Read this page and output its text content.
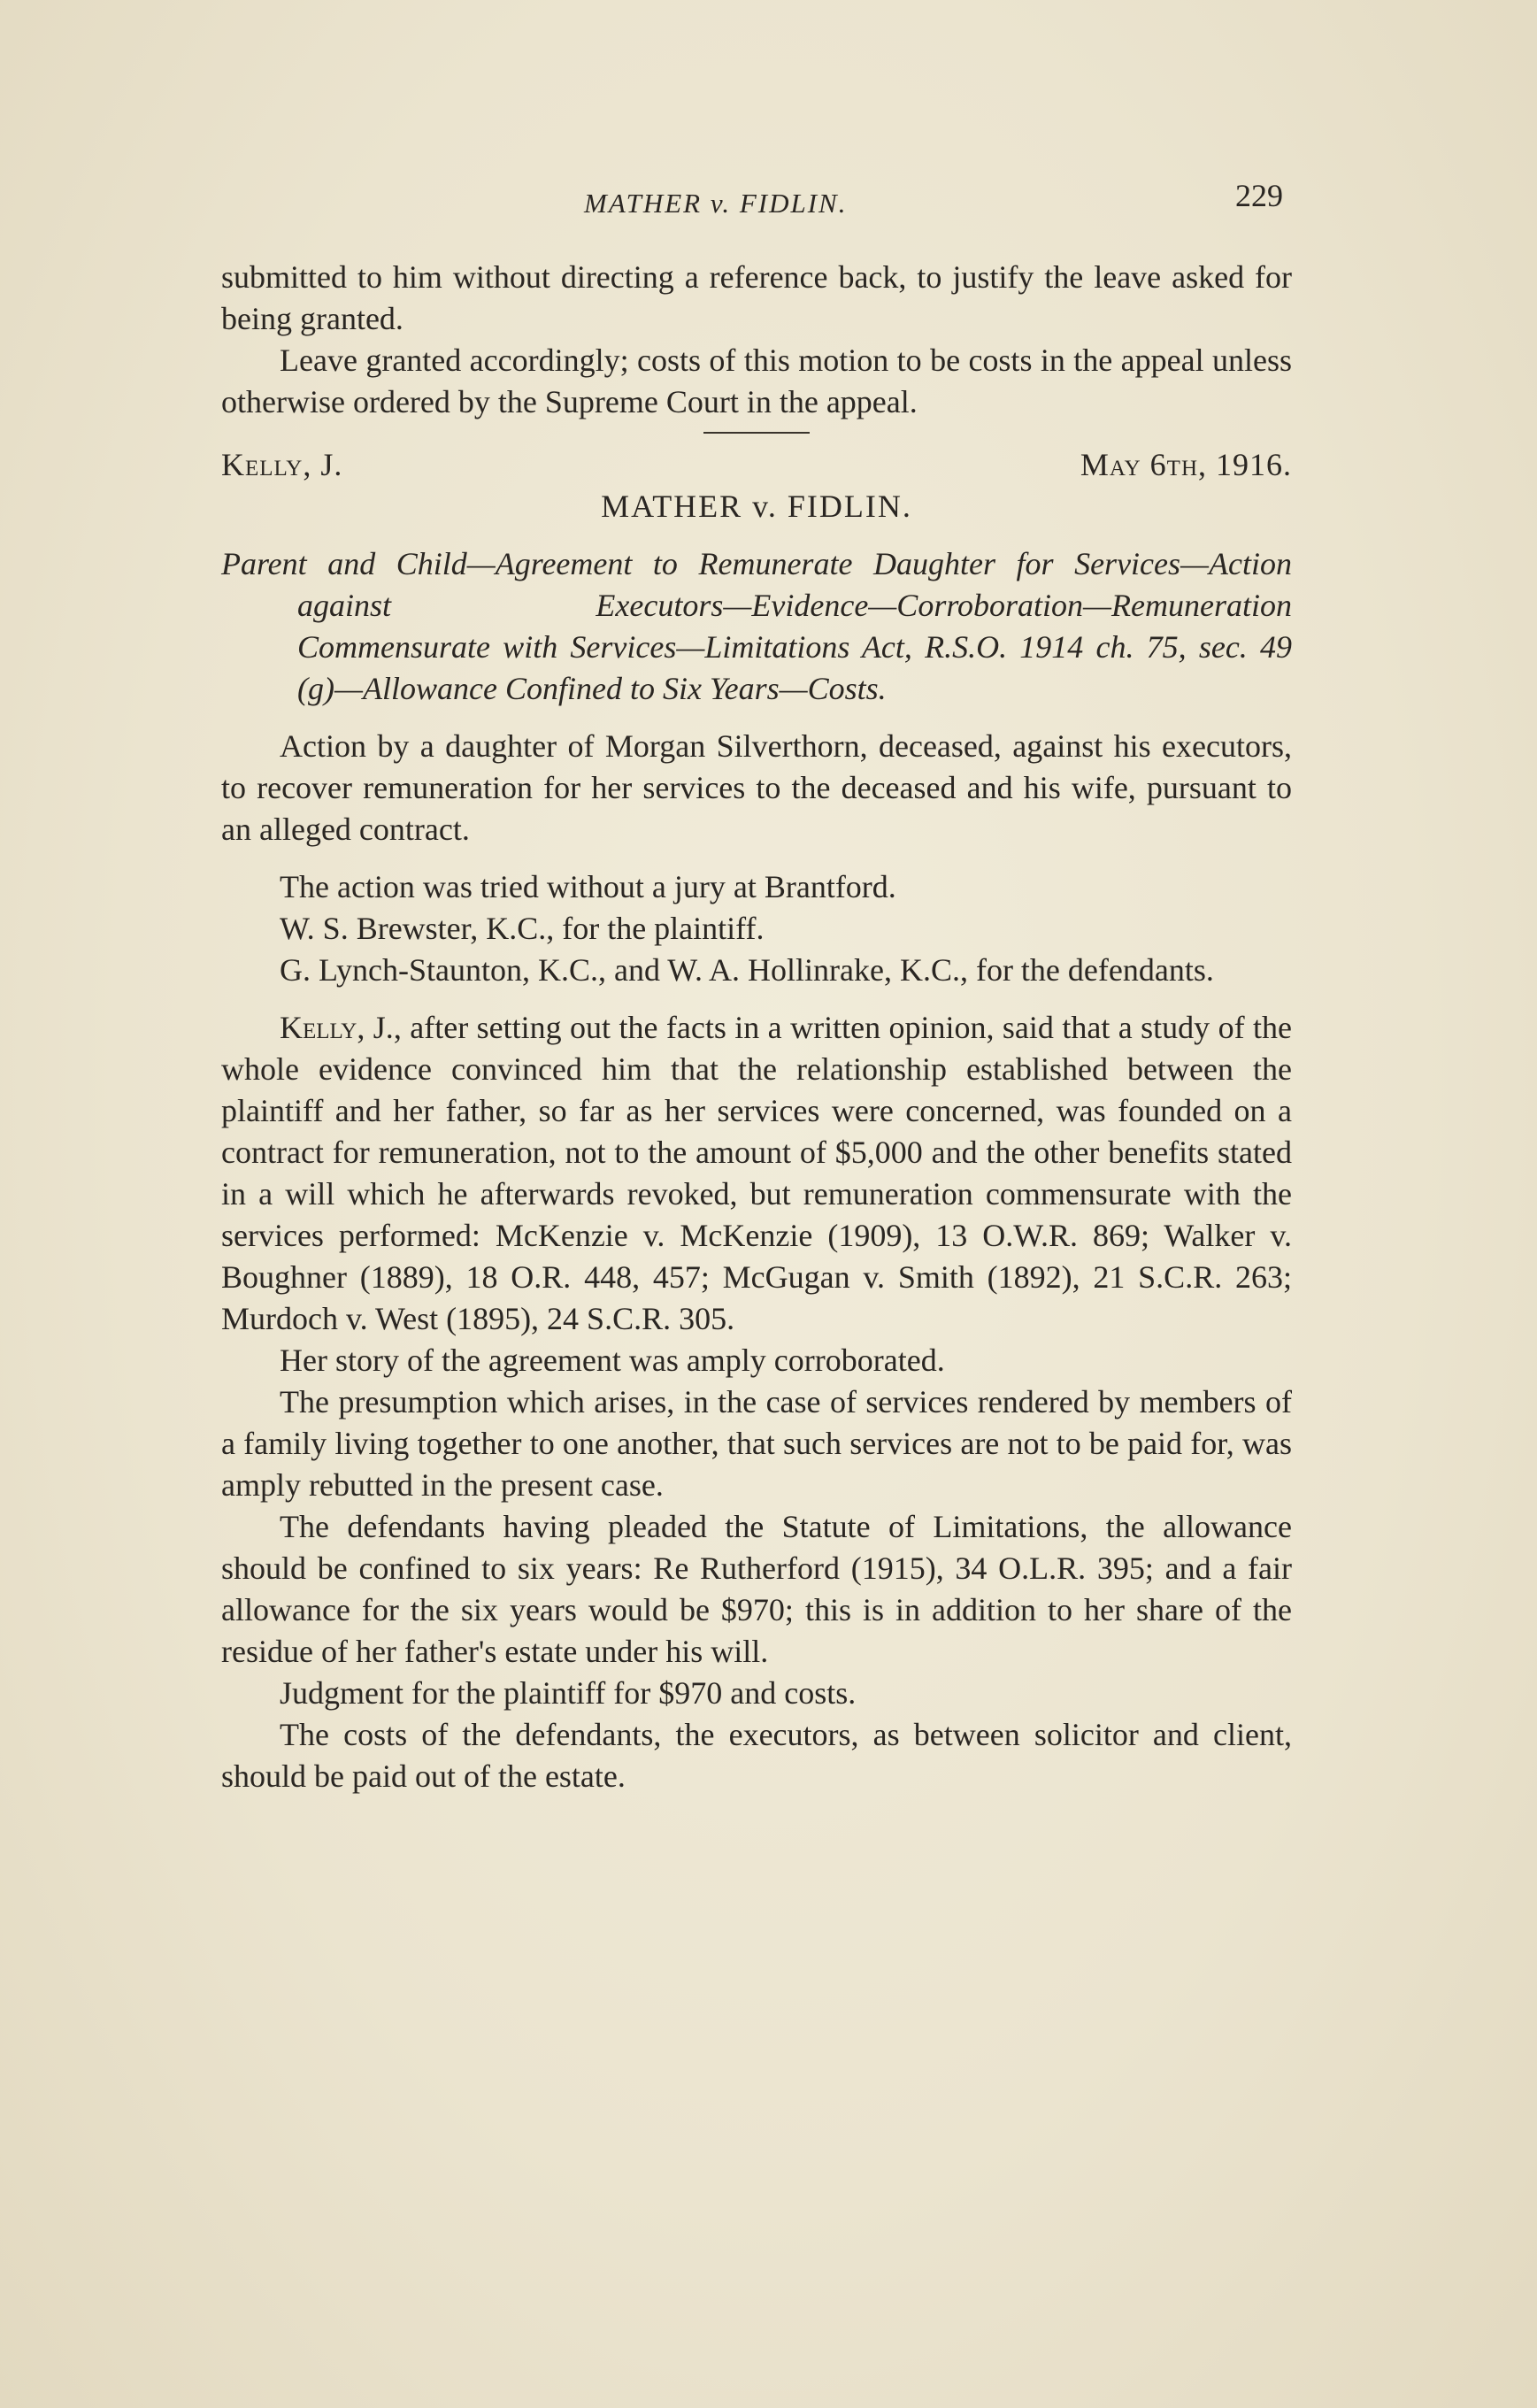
MATHER v. FIDLIN.	229

submitted to him without directing a reference back, to justify the leave asked for being granted.

Leave granted accordingly; costs of this motion to be costs in the appeal unless otherwise ordered by the Supreme Court in the appeal.

Kelly, J.	May 6th, 1916.
MATHER v. FIDLIN.

Parent and Child—Agreement to Remunerate Daughter for Services—Action against Executors—Evidence—Corroboration—Remuneration Commensurate with Services—Limitations Act, R.S.O. 1914 ch. 75, sec. 49 (g)—Allowance Confined to Six Years—Costs.

Action by a daughter of Morgan Silverthorn, deceased, against his executors, to recover remuneration for her services to the deceased and his wife, pursuant to an alleged contract.

The action was tried without a jury at Brantford.

W. S. Brewster, K.C., for the plaintiff.

G. Lynch-Staunton, K.C., and W. A. Hollinrake, K.C., for the defendants.

Kelly, J., after setting out the facts in a written opinion, said that a study of the whole evidence convinced him that the relationship established between the plaintiff and her father, so far as her services were concerned, was founded on a contract for remuneration, not to the amount of $5,000 and the other benefits stated in a will which he afterwards revoked, but remuneration commensurate with the services performed: McKenzie v. McKenzie (1909), 13 O.W.R. 869; Walker v. Boughner (1889), 18 O.R. 448, 457; McGugan v. Smith (1892), 21 S.C.R. 263; Murdoch v. West (1895), 24 S.C.R. 305.

Her story of the agreement was amply corroborated.

The presumption which arises, in the case of services rendered by members of a family living together to one another, that such services are not to be paid for, was amply rebutted in the present case.

The defendants having pleaded the Statute of Limitations, the allowance should be confined to six years: Re Rutherford (1915), 34 O.L.R. 395; and a fair allowance for the six years would be $970; this is in addition to her share of the residue of her father's estate under his will.

Judgment for the plaintiff for $970 and costs.

The costs of the defendants, the executors, as between solicitor and client, should be paid out of the estate.
